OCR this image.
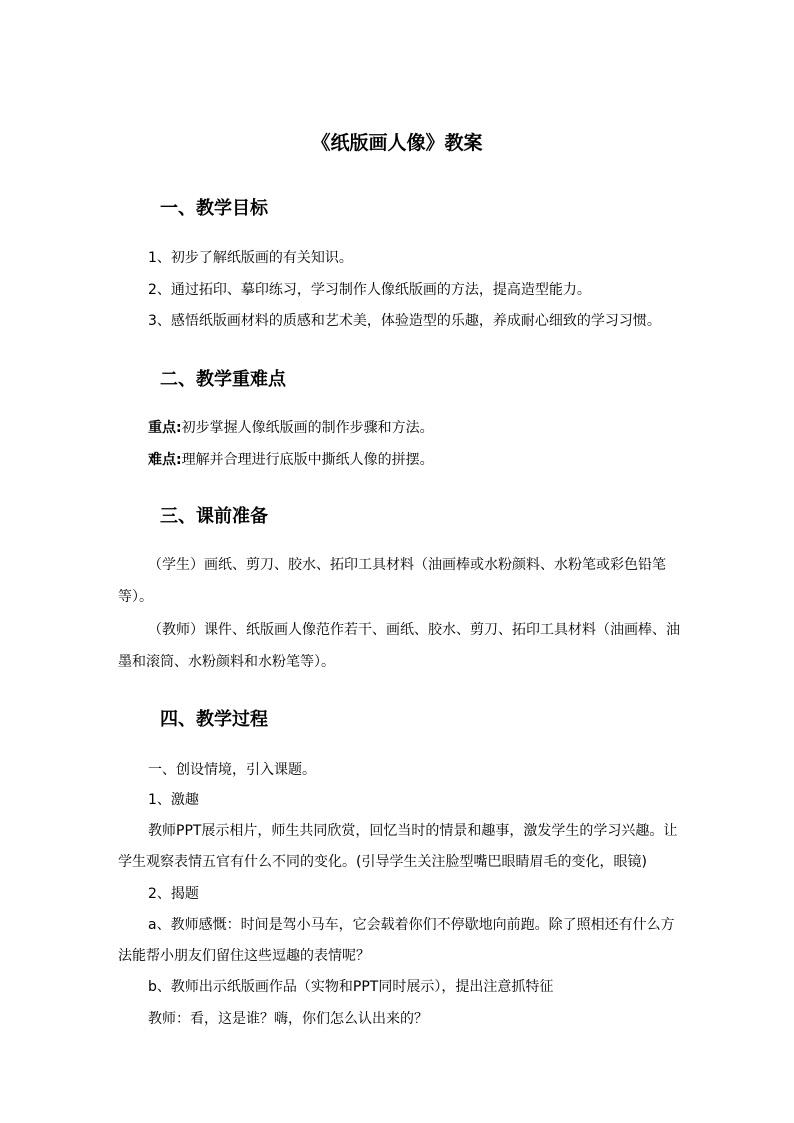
《纸版画人像》教案
一、教学目标
1、初步了解纸版画的有关知识。
2、通过拓印、摹印练习，学习制作人像纸版画的方法，提高造型能力。
3、感悟纸版画材料的质感和艺术美，体验造型的乐趣，养成耐心细致的学习习惯。
二、教学重难点
重点:初步掌握人像纸版画的制作步骤和方法。
难点:理解并合理进行底版中撕纸人像的拼摆。
三、课前准备
（学生）画纸、剪刀、胶水、拓印工具材料（油画棒或水粉颜料、水粉笔或彩色铅笔
等）。
（教师）课件、纸版画人像范作若干、画纸、胶水、剪刀、拓印工具材料（油画棒、油
墨和滚筒、水粉颜料和水粉笔等）。
四、教学过程
一、创设情境，引入课题。
1、激趣
教师PPT展示相片，师生共同欣赏，回忆当时的情景和趣事，激发学生的学习兴趣。让
学生观察表情五官有什么不同的变化。(引导学生关注脸型嘴巴眼睛眉毛的变化，眼镜)
2、揭题
a、教师感慨：时间是驾小马车，它会载着你们不停歇地向前跑。除了照相还有什么方
法能帮小朋友们留住这些逗趣的表情呢？
b、教师出示纸版画作品（实物和PPT同时展示），提出注意抓特征
教师：看，这是谁？嗨，你们怎么认出来的？
